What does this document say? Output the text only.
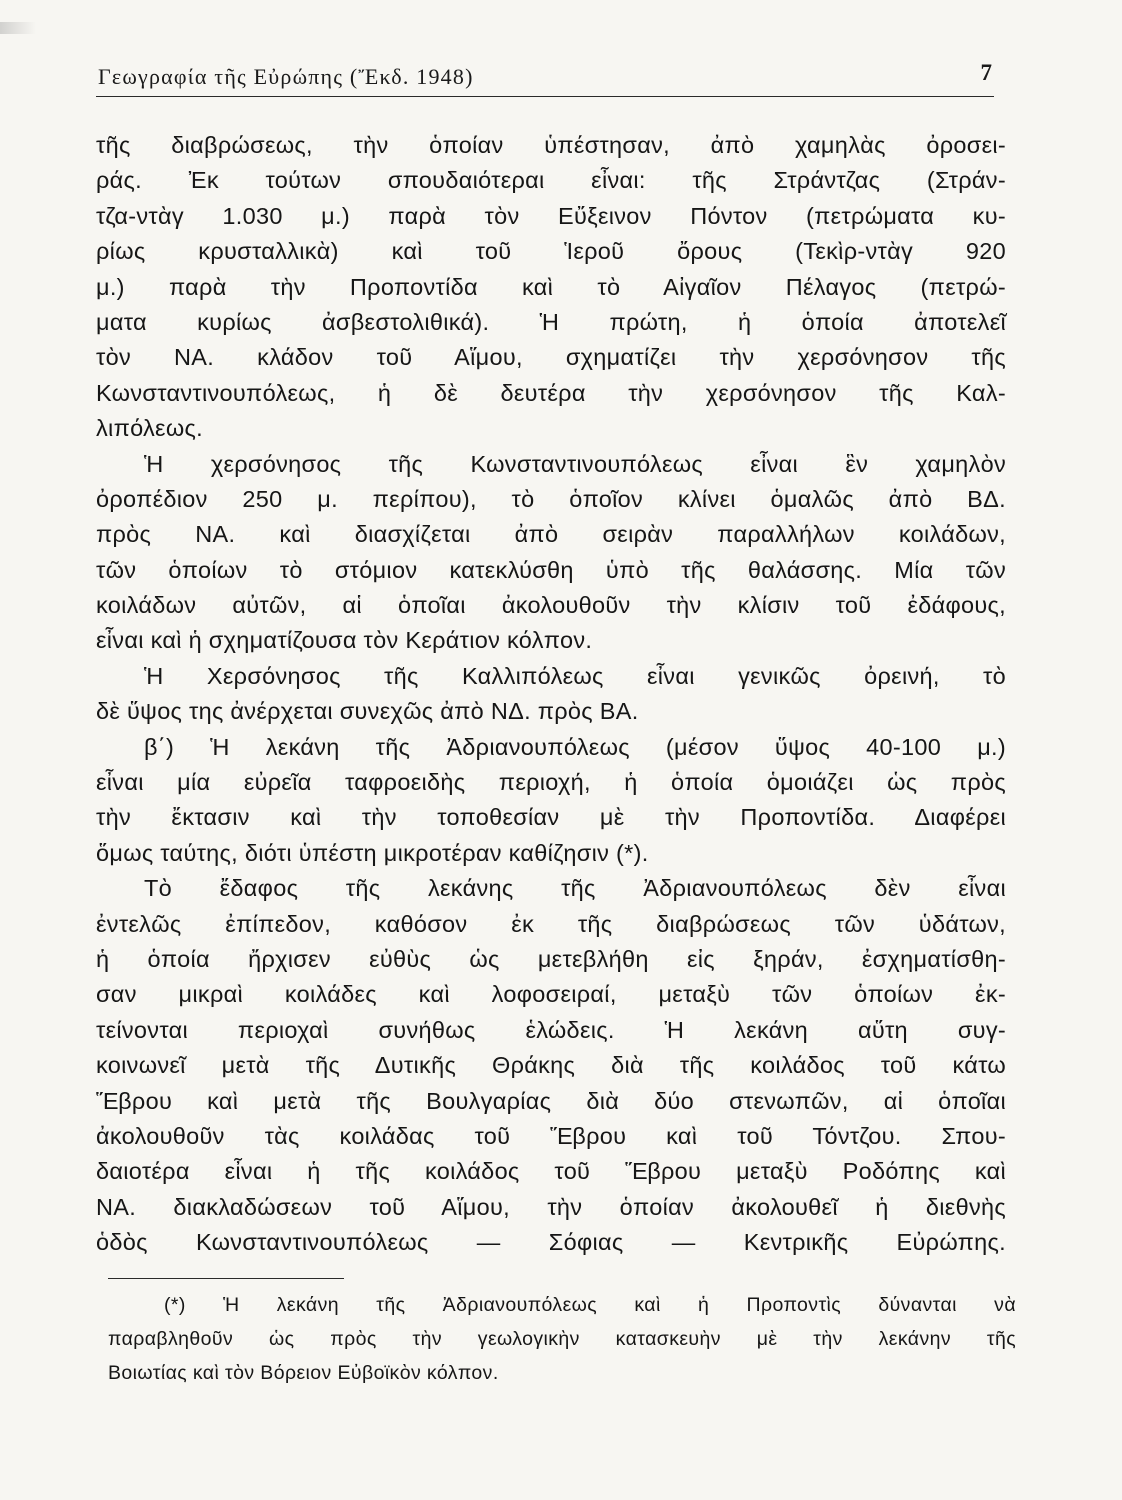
Γεωγραφία τῆς Εὐρώπης (Ἔκδ. 1948)	7
τῆς διαβρώσεως, τὴν ὁποίαν ὑπέστησαν, ἀπὸ χαμηλὰς ὀροσει-
ράς. Ἐκ τούτων σπουδαιότεραι εἶναι: τῆς Στράντζας (Στράν-
τζα-ντὰγ 1.030 μ.) παρὰ τὸν Εὔξεινον Πόντον (πετρώματα κυ-
ρίως κρυσταλλικὰ) καὶ τοῦ Ἱεροῦ ὄρους (Τεκὶρ-ντὰγ 920
μ.) παρὰ τὴν Προποντίδα καὶ τὸ Αἰγαῖον Πέλαγος (πετρώ-
ματα κυρίως ἀσβεστολιθικά). Ἡ πρώτη, ἡ ὁποία ἀποτελεῖ
τὸν ΝΑ. κλάδον τοῦ Αἵμου, σχηματίζει τὴν χερσόνησον τῆς
Κωνσταντινουπόλεως, ἡ δὲ δευτέρα τὴν χερσόνησον τῆς Καλ-
λιπόλεως.
Ἡ χερσόνησος τῆς Κωνσταντινουπόλεως εἶναι ἓν χαμηλὸν
ὀροπέδιον 250 μ. περίπου), τὸ ὁποῖον κλίνει ὁμαλῶς ἀπὸ ΒΔ.
πρὸς ΝΑ. καὶ διασχίζεται ἀπὸ σειρὰν παραλλήλων κοιλάδων,
τῶν ὁποίων τὸ στόμιον κατεκλύσθη ὑπὸ τῆς θαλάσσης. Μία τῶν
κοιλάδων αὐτῶν, αἱ ὁποῖαι ἀκολουθοῦν τὴν κλίσιν τοῦ ἐδάφους,
εἶναι καὶ ἡ σχηματίζουσα τὸν Κεράτιον κόλπον.
Ἡ Χερσόνησος τῆς Καλλιπόλεως εἶναι γενικῶς ὀρεινή, τὸ
δὲ ὕψος της ἀνέρχεται συνεχῶς ἀπὸ ΝΔ. πρὸς ΒΑ.
β΄) Ἡ λεκάνη τῆς Ἀδριανουπόλεως (μέσον ὕψος 40-100 μ.)
εἶναι μία εὐρεῖα ταφροειδὴς περιοχή, ἡ ὁποία ὁμοιάζει ὡς πρὸς
τὴν ἔκτασιν καὶ τὴν τοποθεσίαν μὲ τὴν Προποντίδα. Διαφέρει
ὅμως ταύτης, διότι ὑπέστη μικροτέραν καθίζησιν (*).
Τὸ ἔδαφος τῆς λεκάνης τῆς Ἀδριανουπόλεως δὲν εἶναι
ἐντελῶς ἐπίπεδον, καθόσον ἐκ τῆς διαβρώσεως τῶν ὑδάτων,
ἡ ὁποία ἤρχισεν εὐθὺς ὡς μετεβλήθη εἰς ξηράν, ἐσχηματίσθη-
σαν μικραὶ κοιλάδες καὶ λοφοσειραί, μεταξὺ τῶν ὁποίων ἐκ-
τείνονται περιοχαὶ συνήθως ἑλώδεις. Ἡ λεκάνη αὕτη συγ-
κοινωνεῖ μετὰ τῆς Δυτικῆς Θράκης διὰ τῆς κοιλάδος τοῦ κάτω
Ἕβρου καὶ μετὰ τῆς Βουλγαρίας διὰ δύο στενωπῶν, αἱ ὁποῖαι
ἀκολουθοῦν τὰς κοιλάδας τοῦ Ἕβρου καὶ τοῦ Τόντζου. Σπου-
δαιοτέρα εἶναι ἡ τῆς κοιλάδος τοῦ Ἕβρου μεταξὺ Ροδόπης καὶ
ΝΑ. διακλαδώσεων τοῦ Αἵμου, τὴν ὁποίαν ἀκολουθεῖ ἡ διεθνὴς
ὁδὸς Κωνσταντινουπόλεως — Σόφιας — Κεντρικῆς Εὐρώπης.
(*) Ἡ λεκάνη τῆς Ἀδριανουπόλεως καὶ ἡ Προποντὶς δύνανται νὰ
παραβληθοῦν ὡς πρὸς τὴν γεωλογικὴν κατασκευὴν μὲ τὴν λεκάνην τῆς
Βοιωτίας καὶ τὸν Βόρειον Εὐβοϊκὸν κόλπον.
